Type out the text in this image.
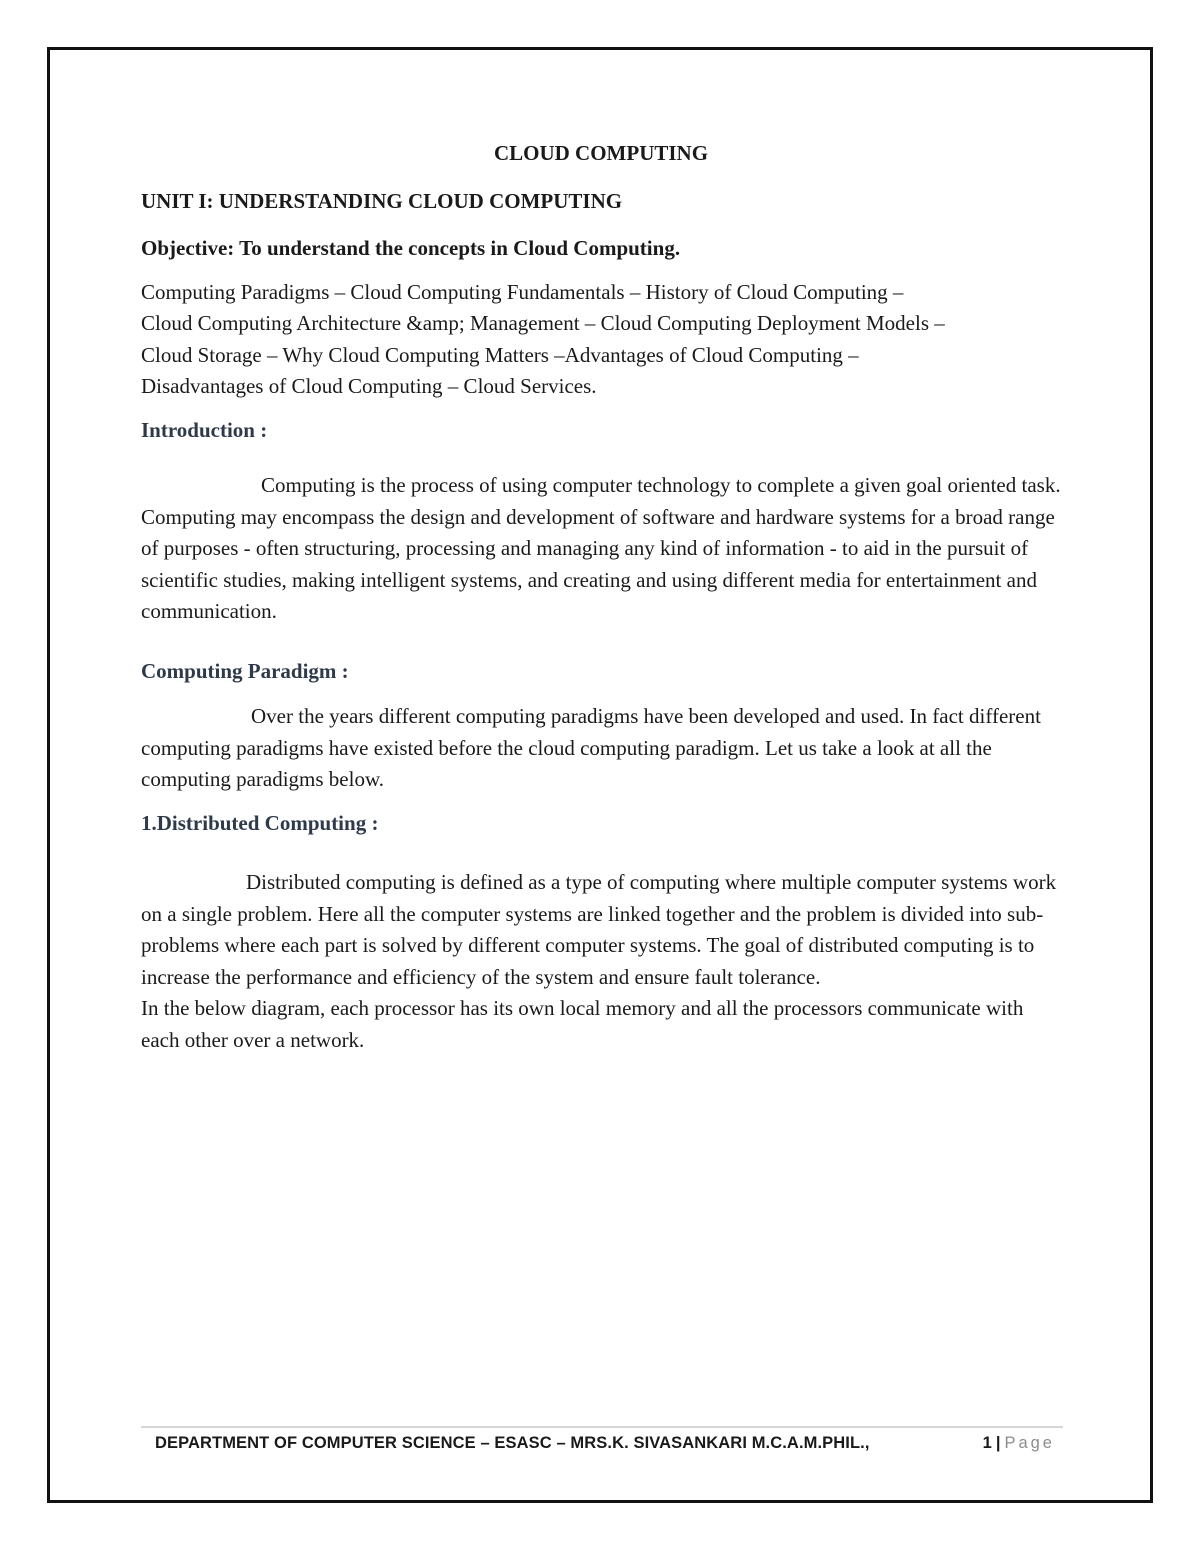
CLOUD COMPUTING
UNIT I: UNDERSTANDING CLOUD COMPUTING
Objective: To understand the concepts in Cloud Computing.
Computing Paradigms – Cloud Computing Fundamentals – History of Cloud Computing –
Cloud Computing Architecture &amp; Management – Cloud Computing Deployment Models –
Cloud Storage – Why Cloud Computing Matters –Advantages of Cloud Computing –
Disadvantages of Cloud Computing – Cloud Services.
Introduction :

Computing is the process of using computer technology to complete a given goal oriented task. Computing may encompass the design and development of software and hardware systems for a broad range of purposes - often structuring, processing and managing any kind of information - to aid in the pursuit of scientific studies, making intelligent systems, and creating and using different media for entertainment and communication.

Computing Paradigm :

Over the years different computing paradigms have been developed and used. In fact different computing paradigms have existed before the cloud computing paradigm. Let us take a look at all the computing paradigms below.

1.Distributed Computing :

Distributed computing is defined as a type of computing where multiple computer systems work on a single problem. Here all the computer systems are linked together and the problem is divided into sub-problems where each part is solved by different computer systems. The goal of distributed computing is to increase the performance and efficiency of the system and ensure fault tolerance.

In the below diagram, each processor has its own local memory and all the processors communicate with each other over a network.

DEPARTMENT OF COMPUTER SCIENCE – ESASC – MRS.K. SIVASANKARI M.C.A.M.PHIL.,	1 | Page
